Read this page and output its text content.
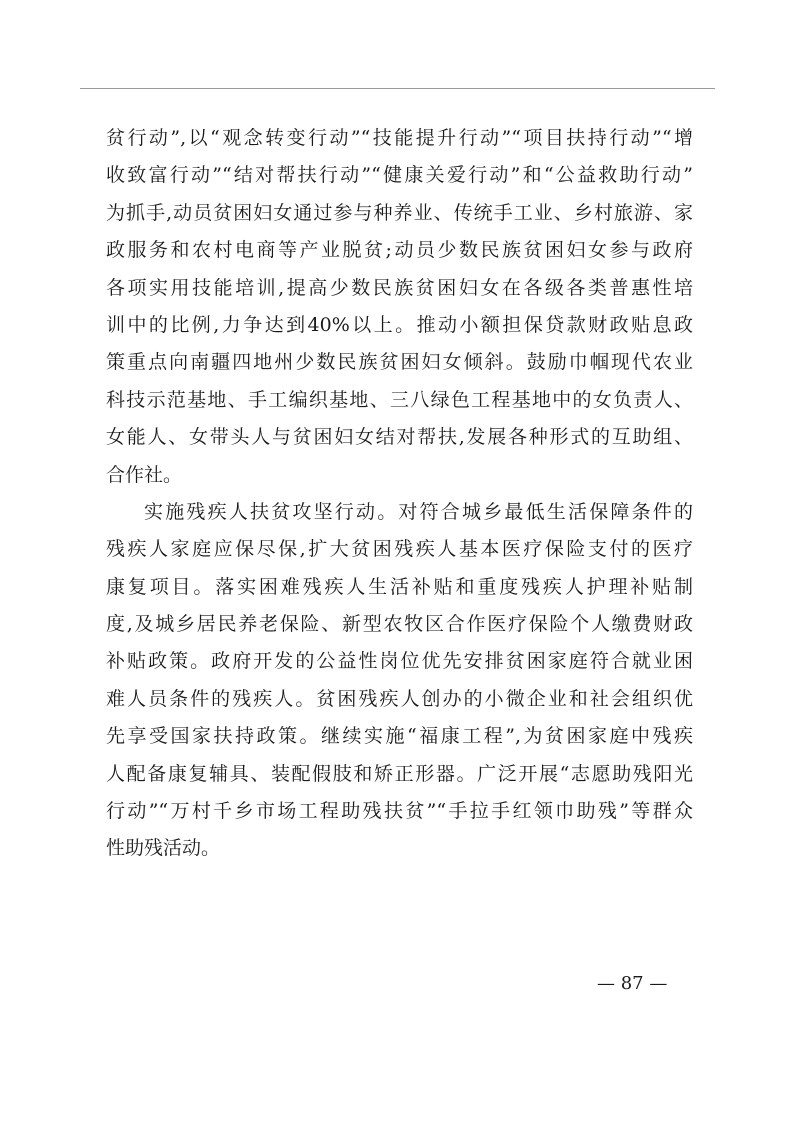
贫行动”,以“观念转变行动”“技能提升行动”“项目扶持行动”“增
收致富行动”“结对帮扶行动”“健康关爱行动”和“公益救助行动”
为抓手,动员贫困妇女通过参与种养业、传统手工业、乡村旅游、家
政服务和农村电商等产业脱贫;动员少数民族贫困妇女参与政府
各项实用技能培训,提高少数民族贫困妇女在各级各类普惠性培
训中的比例,力争达到40%以上。推动小额担保贷款财政贴息政
策重点向南疆四地州少数民族贫困妇女倾斜。鼓励巾帼现代农业
科技示范基地、手工编织基地、三八绿色工程基地中的女负责人、
女能人、女带头人与贫困妇女结对帮扶,发展各种形式的互助组、
合作社。
实施残疾人扶贫攻坚行动。对符合城乡最低生活保障条件的
残疾人家庭应保尽保,扩大贫困残疾人基本医疗保险支付的医疗
康复项目。落实困难残疾人生活补贴和重度残疾人护理补贴制
度,及城乡居民养老保险、新型农牧区合作医疗保险个人缴费财政
补贴政策。政府开发的公益性岗位优先安排贫困家庭符合就业困
难人员条件的残疾人。贫困残疾人创办的小微企业和社会组织优
先享受国家扶持政策。继续实施“福康工程”,为贫困家庭中残疾
人配备康复辅具、装配假肢和矫正形器。广泛开展“志愿助残阳光
行动”“万村千乡市场工程助残扶贫”“手拉手红领巾助残”等群众
性助残活动。
— 87 —
